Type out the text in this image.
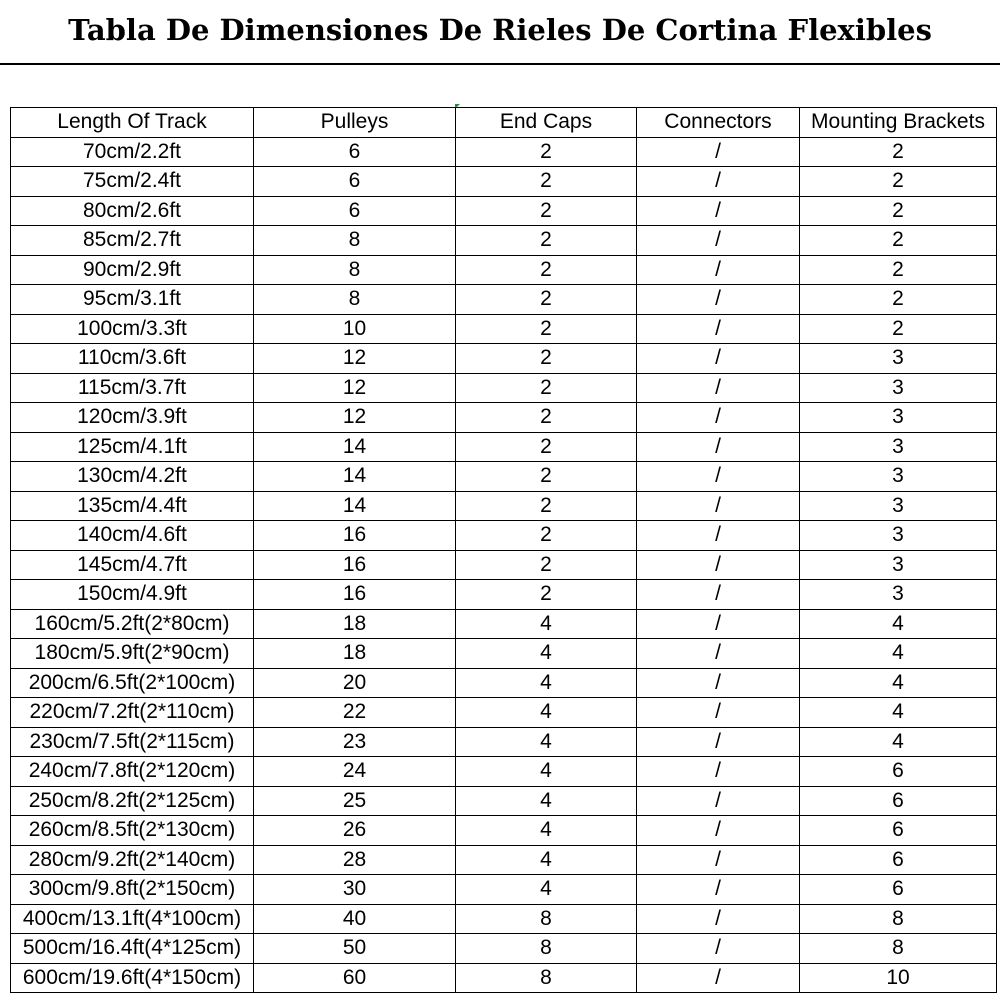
Tabla De Dimensiones De Rieles De Cortina Flexibles
Length Of Track	Pulleys	End Caps	Connectors	Mounting Brackets
70cm/2.2ft	6	2	/	2
75cm/2.4ft	6	2	/	2
80cm/2.6ft	6	2	/	2
85cm/2.7ft	8	2	/	2
90cm/2.9ft	8	2	/	2
95cm/3.1ft	8	2	/	2
100cm/3.3ft	10	2	/	2
110cm/3.6ft	12	2	/	3
115cm/3.7ft	12	2	/	3
120cm/3.9ft	12	2	/	3
125cm/4.1ft	14	2	/	3
130cm/4.2ft	14	2	/	3
135cm/4.4ft	14	2	/	3
140cm/4.6ft	16	2	/	3
145cm/4.7ft	16	2	/	3
150cm/4.9ft	16	2	/	3
160cm/5.2ft(2*80cm)	18	4	/	4
180cm/5.9ft(2*90cm)	18	4	/	4
200cm/6.5ft(2*100cm)	20	4	/	4
220cm/7.2ft(2*110cm)	22	4	/	4
230cm/7.5ft(2*115cm)	23	4	/	4
240cm/7.8ft(2*120cm)	24	4	/	6
250cm/8.2ft(2*125cm)	25	4	/	6
260cm/8.5ft(2*130cm)	26	4	/	6
280cm/9.2ft(2*140cm)	28	4	/	6
300cm/9.8ft(2*150cm)	30	4	/	6
400cm/13.1ft(4*100cm)	40	8	/	8
500cm/16.4ft(4*125cm)	50	8	/	8
600cm/19.6ft(4*150cm)	60	8	/	10
